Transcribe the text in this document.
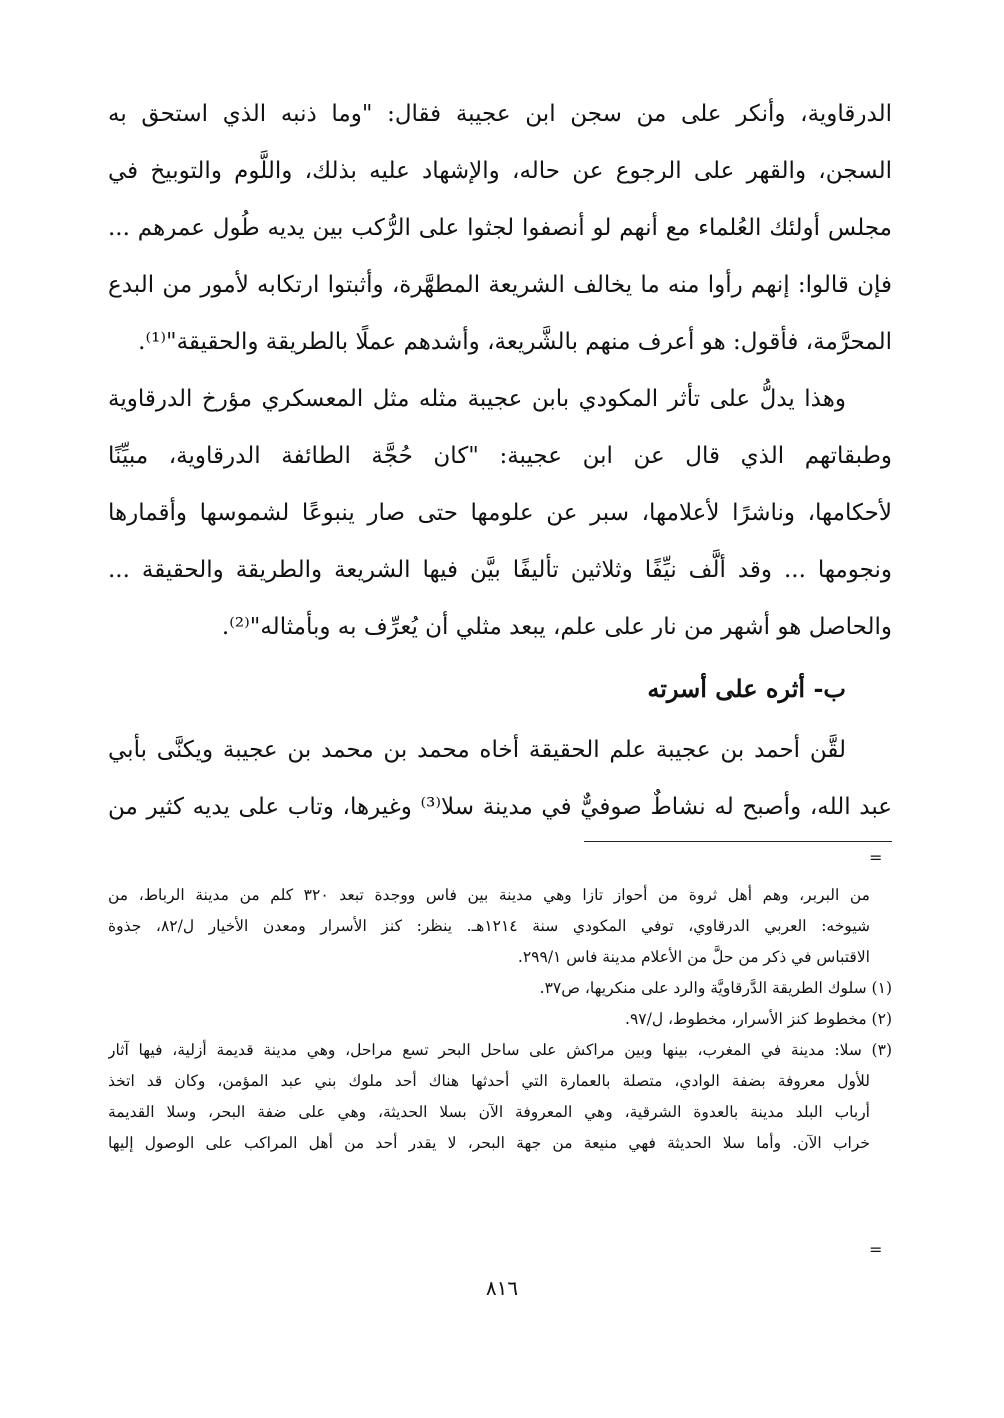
الدرقاوية، وأنكر على من سجن ابن عجيبة فقال: "وما ذنبه الذي استحق به
السجن، والقهر على الرجوع عن حاله، والإشهاد عليه بذلك، واللَّوم والتوبيخ في
مجلس أولئك العُلماء مع أنهم لو أنصفوا لجثوا على الرُّكب بين يديه طُول عمرهم ...
فإن قالوا: إنهم رأوا منه ما يخالف الشريعة المطهَّرة، وأثبتوا ارتكابه لأمور من البدع
المحرَّمة، فأقول: هو أعرف منهم بالشَّريعة، وأشدهم عملًا بالطريقة والحقيقة"⁽¹⁾.
وهذا يدلُّ على تأثر المكودي بابن عجيبة مثله مثل المعسكري مؤرخ الدرقاوية
وطبقاتهم الذي قال عن ابن عجيبة: "كان حُجَّة الطائفة الدرقاوية، مبيِّنًا
لأحكامها، وناشرًا لأعلامها، سبر عن علومها حتى صار ينبوعًا لشموسها وأقمارها
ونجومها ... وقد ألَّف نيِّفًا وثلاثين تأليفًا بيَّن فيها الشريعة والطريقة والحقيقة ...
والحاصل هو أشهر من نار على علم، يبعد مثلي أن يُعرِّف به وبأمثاله"⁽²⁾.
ب- أثره على أسرته
لقَّن أحمد بن عجيبة علم الحقيقة أخاه محمد بن محمد بن عجيبة ويكنَّى بأبي
عبد الله، وأصبح له نشاطٌ صوفيٌّ في مدينة سلا⁽³⁾ وغيرها، وتاب على يديه كثير من
=
من البربر، وهم أهل ثروة من أحواز تازا وهي مدينة بين فاس ووجدة تبعد ٣٢٠ كلم من مدينة الرباط، من
شيوخه: العربي الدرقاوي، توفي المكودي سنة ١٢١٤هـ. ينظر: كنز الأسرار ومعدن الأخيار ل/٨٢، جذوة
الاقتباس في ذكر من حلَّ من الأعلام مدينة فاس ٢٩٩/١.
(١) سلوك الطريقة الدَّرقاويَّة والرد على منكريها، ص٣٧.
(٢) مخطوط كنز الأسرار، مخطوط، ل/٩٧.
(٣) سلا: مدينة في المغرب، بينها وبين مراكش على ساحل البحر تسع مراحل، وهي مدينة قديمة أزلية، فيها آثار
للأول معروفة بضفة الوادي، متصلة بالعمارة التي أحدثها هناك أحد ملوك بني عبد المؤمن، وكان قد اتخذ
أرباب البلد مدينة بالعدوة الشرقية، وهي المعروفة الآن بسلا الحديثة، وهي على ضفة البحر، وسلا القديمة
خراب الآن. وأما سلا الحديثة فهي منيعة من جهة البحر، لا يقدر أحد من أهل المراكب على الوصول إليها
=
٨١٦
